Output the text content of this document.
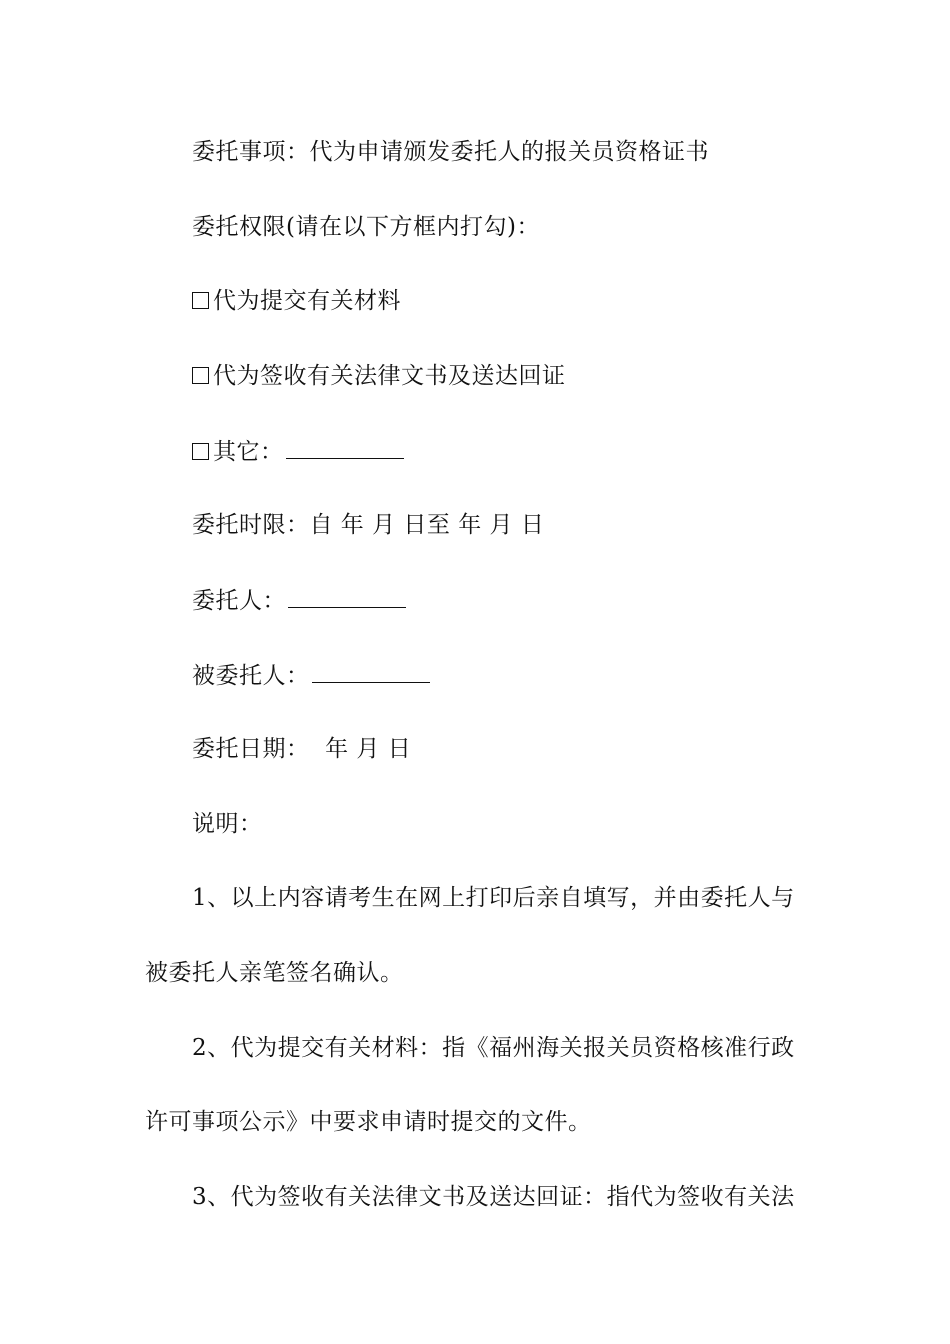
委托事项：代为申请颁发委托人的报关员资格证书
委托权限(请在以下方框内打勾)：
代为提交有关材料
代为签收有关法律文书及送达回证
其它：
委托时限：自 年 月 日至 年 月 日
委托人：
被委托人：
委托日期：  年 月 日
说明：
1、以上内容请考生在网上打印后亲自填写，并由委托人与
被委托人亲笔签名确认。
2、代为提交有关材料：指《福州海关报关员资格核准行政
许可事项公示》中要求申请时提交的文件。
3、代为签收有关法律文书及送达回证：指代为签收有关法
